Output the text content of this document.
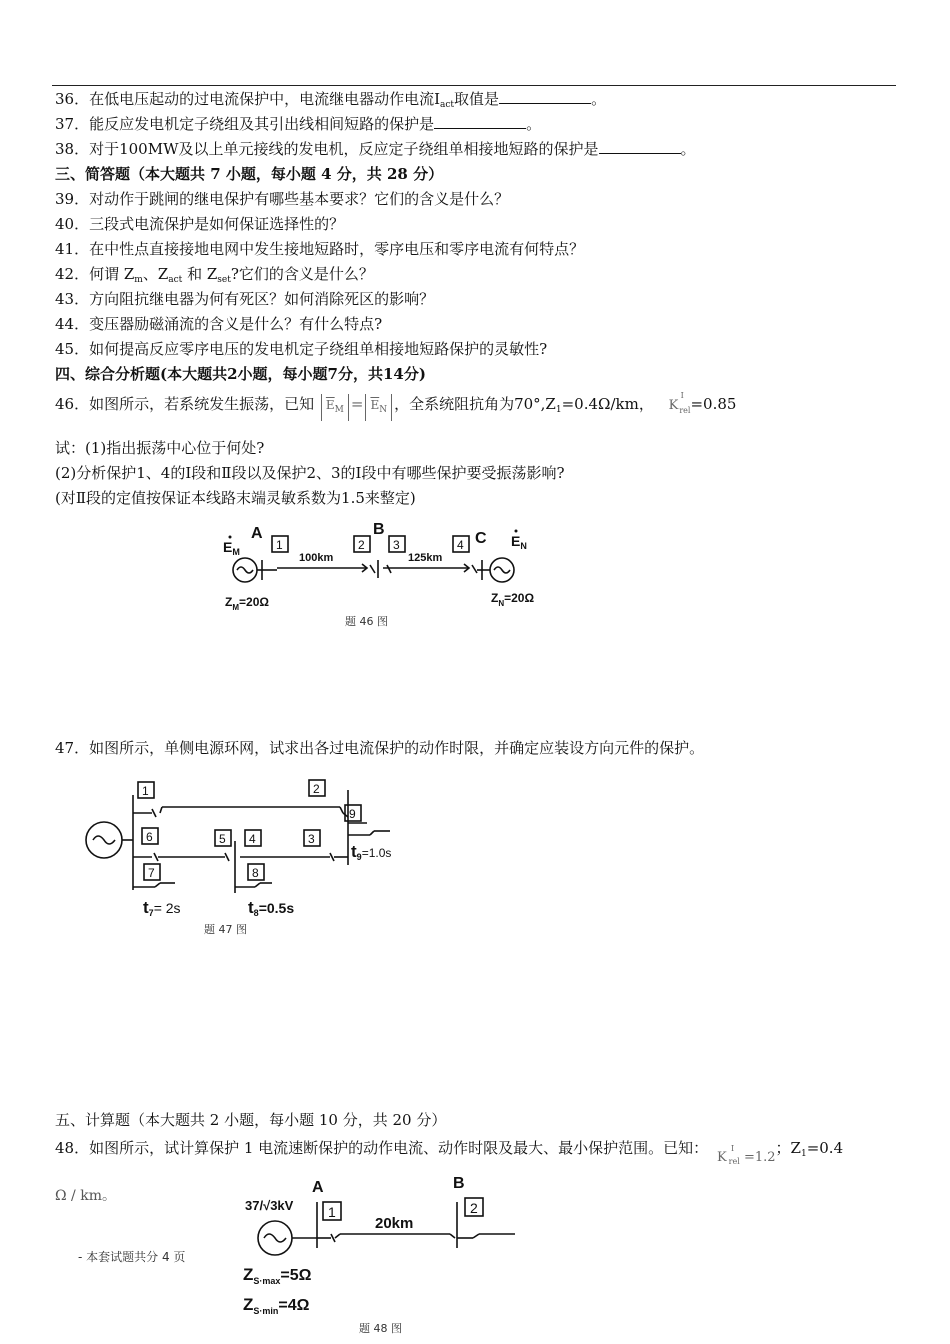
36．在低电压起动的过电流保护中，电流继电器动作电流$I_{act}$取值是	。
37．能反应发电机定子绕组及其引出线相间短路的保护是	。
38．对于100MW及以上单元接线的发电机，反应定子绕组单相接地短路的保护是	。
三、简答题（本大题共 7 小题，每小题 4 分，共 28 分）
39．对动作于跳闸的继电保护有哪些基本要求？它们的含义是什么？
40．三段式电流保护是如何保证选择性的？
41．在中性点直接接地电网中发生接地短路时，零序电压和零序电流有何特点？
42．何谓 $Z_m$、$Z_{act}$ 和 $Z_{set}$?它们的含义是什么？
43．方向阻抗继电器为何有死区？如何消除死区的影响？
44．变压器励磁涌流的含义是什么？有什么特点?
45．如何提高反应零序电压的发电机定子绕组单相接地短路保护的灵敏性?
四、综合分析题(本大题共2小题，每小题7分，共14分)
46．如图所示，若系统发生振荡，已知 $\overline{E}_M = \overline{E}_N$ ，全系统阻抗角为$70^\circ,Z_1=0.4\Omega/km$， K
I
$_{rel}$=0.85
试：(1)指出振荡中心位于何处?
(2)分析保护1、4的I段和Ⅱ段以及保护2、3的I段中有哪些保护要受振荡影响?
(对Ⅱ段的定值按保证本线路末端灵敏系数为1.5来整定)
$E_M$
A	B
C $E_N$
1	2 3	4
100km	125km
$Z_M=20\Omega$	$Z_N=20\Omega$
题 46 图
47．如图所示，单侧电源环网，试求出各过电流保护的动作时限，并确定应装设方向元件的保护。
1	2
3
4
5
6
7	8
9
t9=1.0s
t7= 2s	t8=0.5s
题 47 图
五、计算题（本大题共 2 小题，每小题 10 分，共 20 分）
48．如图所示，试计算保护 1 电流速断保护的动作电流、动作时限及最大、最小保护范围。已知： K
I
$_{rel}$ =1.2；$Z_1=0.4$
Ω / km。	A	B
1	2
37/√3kV
20km
$Z_{S\cdot max}=5\Omega$
$Z_{S\cdot min}=4\Omega$
题 48 图
- 本套试题共分 4 页
